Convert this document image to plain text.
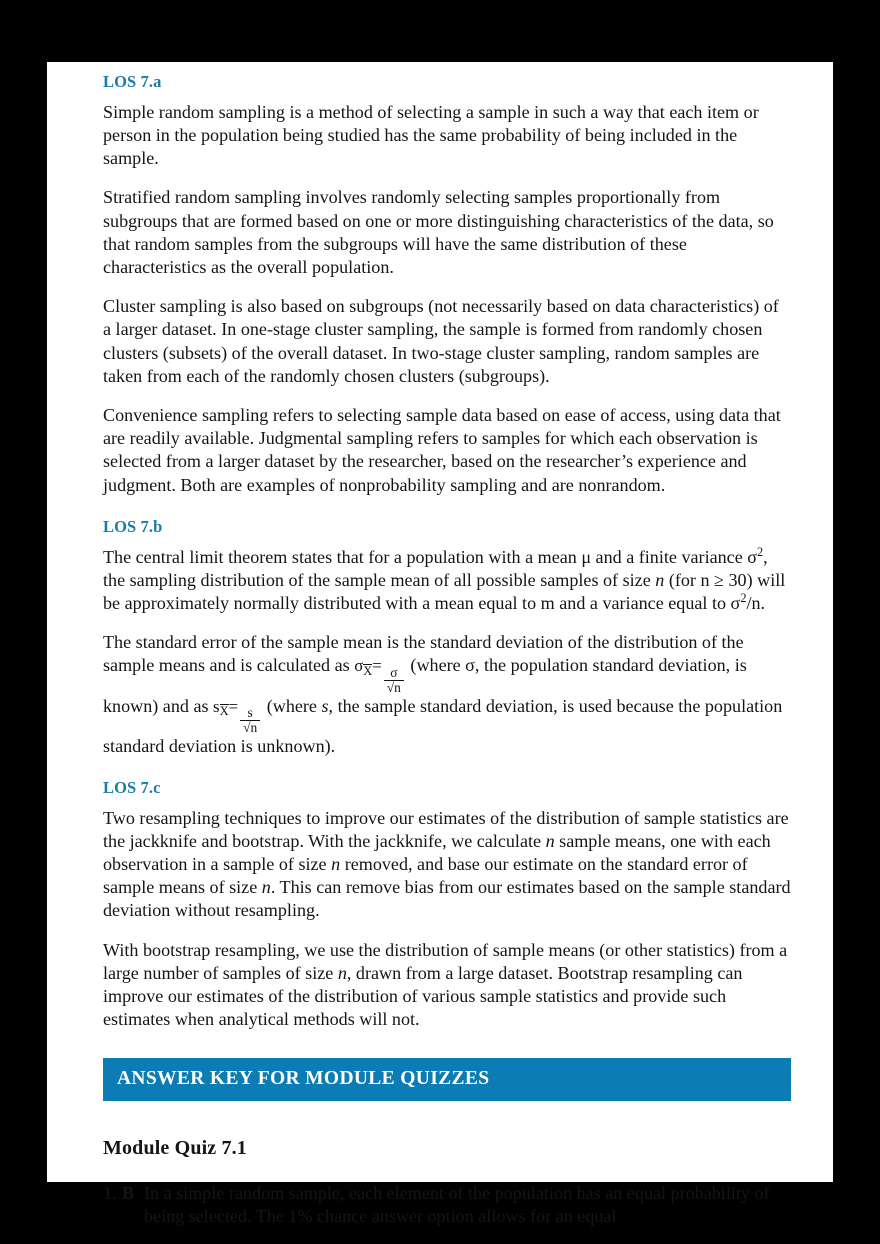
LOS 7.a

Simple random sampling is a method of selecting a sample in such a way that each item or person in the population being studied has the same probability of being included in the sample.

Stratified random sampling involves randomly selecting samples proportionally from subgroups that are formed based on one or more distinguishing characteristics of the data, so that random samples from the subgroups will have the same distribution of these characteristics as the overall population.

Cluster sampling is also based on subgroups (not necessarily based on data characteristics) of a larger dataset. In one-stage cluster sampling, the sample is formed from randomly chosen clusters (subsets) of the overall dataset. In two-stage cluster sampling, random samples are taken from each of the randomly chosen clusters (subgroups).

Convenience sampling refers to selecting sample data based on ease of access, using data that are readily available. Judgmental sampling refers to samples for which each observation is selected from a larger dataset by the researcher, based on the researcher’s experience and judgment. Both are examples of nonprobability sampling and are nonrandom.

LOS 7.b

The central limit theorem states that for a population with a mean μ and a finite variance $\sigma^2$, the sampling distribution of the sample mean of all possible samples of size n (for n ≥ 30) will be approximately normally distributed with a mean equal to m and a variance equal to $\sigma^2/n$.

The standard error of the sample mean is the standard deviation of the distribution of the sample means and is calculated as σX=
$\frac{\sigma}{√n}$
(where σ, the population standard deviation, is known) and as sX=
$\frac{s}{√n}$
(where s, the sample standard deviation, is used because the population standard deviation is unknown).

LOS 7.c

Two resampling techniques to improve our estimates of the distribution of sample statistics are the jackknife and bootstrap. With the jackknife, we calculate n sample means, one with each observation in a sample of size n removed, and base our estimate on the standard error of sample means of size n. This can remove bias from our estimates based on the sample standard deviation without resampling.

With bootstrap resampling, we use the distribution of sample means (or other statistics) from a large number of samples of size n, drawn from a large dataset. Bootstrap resampling can improve our estimates of the distribution of various sample statistics and provide such estimates when analytical methods will not.

ANSWER KEY FOR MODULE QUIZZES
Module Quiz 7.1
1. B In a simple random sample, each element of the population has an equal probability of being selected. The 1% chance answer option allows for an equal
